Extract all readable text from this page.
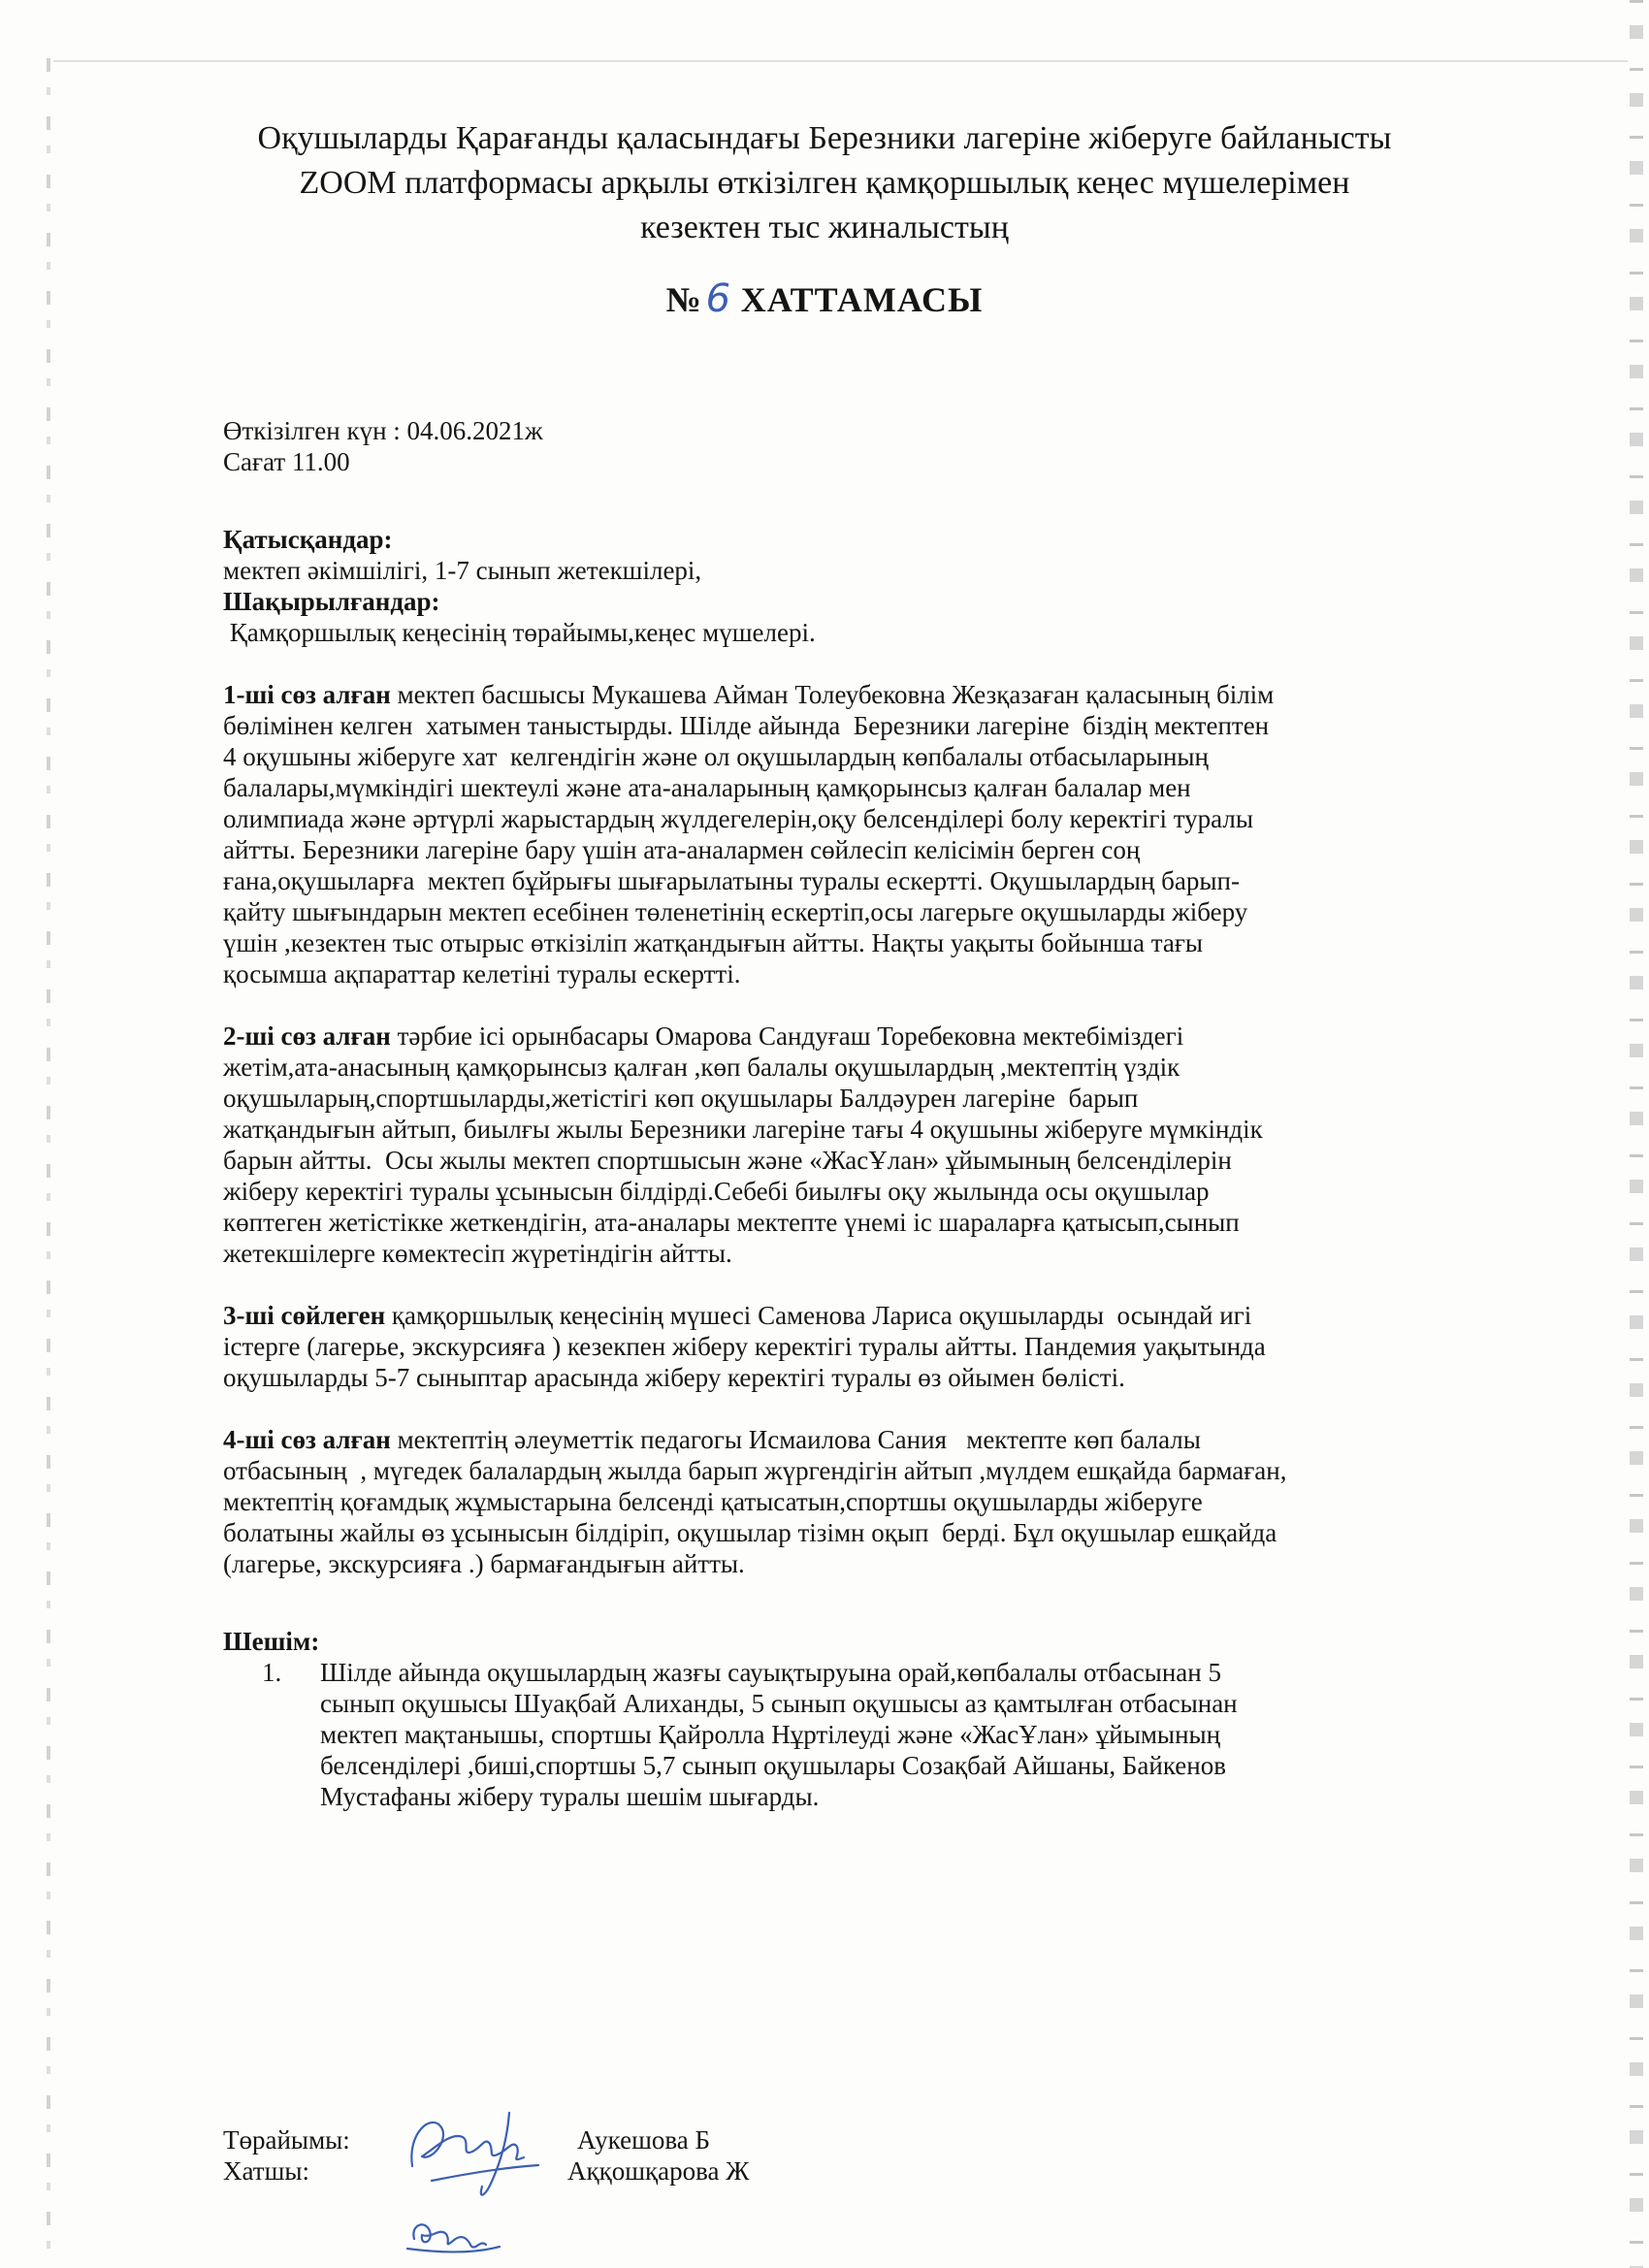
Оқушыларды Қарағанды қаласындағы Березники лагеріне жіберуге байланысты
ZOOM платформасы арқылы өткізілген қамқоршылық кеңес мүшелерімен
кезектен тыс жиналыстың
№6 ХАТТАМАСЫ
Өткізілген күн : 04.06.2021ж
Сағат 11.00
Қатысқандар:
мектеп әкімшілігі, 1-7 сынып жетекшілері,
Шақырылғандар:
Қамқоршылық кеңесінің төрайымы,кеңес мүшелері.
1-ші сөз алған мектеп басшысы Мукашева Айман Толеубековна Жезқазаған қаласының білім
бөлімінен келген  хатымен таныстырды. Шілде айында  Березники лагеріне  біздің мектептен
4 оқушыны жіберуге хат  келгендігін және ол оқушылардың көпбалалы отбасыларының
балалары,мүмкіндігі шектеулі және ата-аналарының қамқорынсыз қалған балалар мен
олимпиада және әртүрлі жарыстардың жүлдегелерін,оқу белсенділері болу керектігі туралы
айтты. Березники лагеріне бару үшін ата-аналармен сөйлесіп келісімін берген соң
ғана,оқушыларға  мектеп бұйрығы шығарылатыны туралы ескертті. Оқушылардың барып-
қайту шығындарын мектеп есебінен төленетінің ескертіп,осы лагерьге оқушыларды жіберу
үшін ,кезектен тыс отырыс өткізіліп жатқандығын айтты. Нақты уақыты бойынша тағы
қосымша ақпараттар келетіні туралы ескертті.
2-ші сөз алған тәрбие ісі орынбасары Омарова Сандуғаш Торебековна мектебіміздегі
жетім,ата-анасының қамқорынсыз қалған ,көп балалы оқушылардың ,мектептің үздік
оқушыларың,спортшыларды,жетістігі көп оқушылары Балдәурен лагеріне  барып
жатқандығын айтып, биылғы жылы Березники лагеріне тағы 4 оқушыны жіберуге мүмкіндік
барын айтты.  Осы жылы мектеп спортшысын және «ЖасҰлан» ұйымының белсенділерін
жіберу керектігі туралы ұсынысын білдірді.Себебі биылғы оқу жылында осы оқушылар
көптеген жетістікке жеткендігін, ата-аналары мектепте үнемі іс шараларға қатысып,сынып
жетекшілерге көмектесіп жүретіндігін айтты.
3-ші сөйлеген қамқоршылық кеңесінің мүшесі Саменова Лариса оқушыларды  осындай игі
істерге (лагерье, экскурсияға ) кезекпен жіберу керектігі туралы айтты. Пандемия уақытында
оқушыларды 5-7 сыныптар арасында жіберу керектігі туралы өз ойымен бөлісті.
4-ші сөз алған мектептің әлеуметтік педагогы Исмаилова Сания   мектепте көп балалы
отбасының  , мүгедек балалардың жылда барып жүргендігін айтып ,мүлдем ешқайда бармаған,
мектептің қоғамдық жұмыстарына белсенді қатысатын,спортшы оқушыларды жіберуге
болатыны жайлы өз ұсынысын білдіріп, оқушылар тізімн оқып  берді. Бұл оқушылар ешқайда
(лагерье, экскурсияға .) бармағандығын айтты.
Шешім:
1.	Шілде айында оқушылардың жазғы сауықтыруына орай,көпбалалы отбасынан 5
сынып оқушысы Шуақбай Алиханды, 5 сынып оқушысы аз қамтылған отбасынан
мектеп мақтанышы, спортшы Қайролла Нұртілеуді және «ЖасҰлан» ұйымының
белсенділері ,биші,спортшы 5,7 сынып оқушылары Созақбай Айшаны, Байкенов
Мустафаны жіберу туралы шешім шығарды.
Төрайымы:	Аукешова Б
Хатшы:	Аққошқарова Ж
